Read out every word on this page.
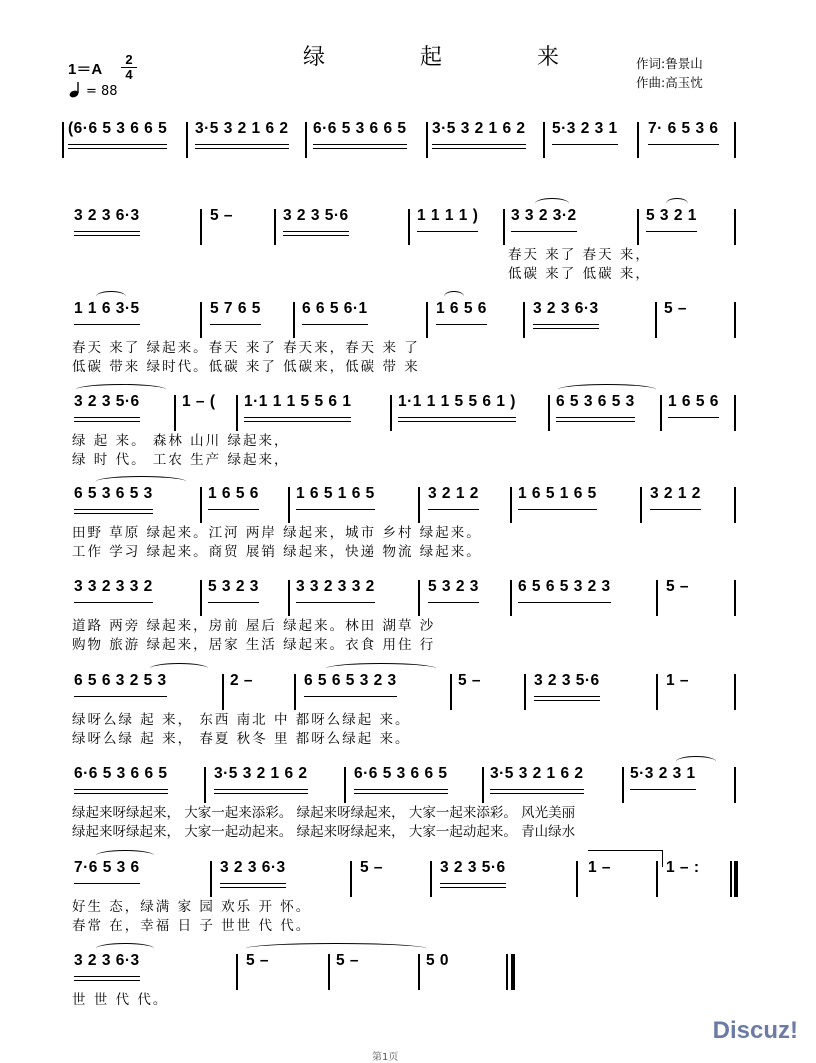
绿 起 来
1＝A
2
4
= 88
作词:鲁景山
作曲:高玉忱
(6·6 5 3 6 6 5 3·5 3 2 1 6 2 6·6 5 3 6 6 5 3·5 3 2 1 6 2 5·3 2 3 1 7· 6 5 3 6
3 2 3 6·3	5 –	3 2 3 5·6	1 1 1 1 ) 3 3 2 3·2	5 3 2 1
春天 来了 春天 来，
低碳 来了 低碳 来，
1 1 6 3·5	5 7 6 5	6 6 5 6·1	1 6 5 6	3 2 3 6·3	5 –
春天 来了 绿起来。春天 来了 春天来，春天 来 了
低碳 带来 绿时代。低碳 来了 低碳来，低碳 带 来
3 2 3 5·6	1 – ( 1·1 1 1 5 5 6 1	1·1 1 1 5 5 6 1 )	6 5 3 6 5 3 1 6 5 6
绿 起 来。 森林 山川 绿起来，
绿 时 代。 工农 生产 绿起来，
6 5 3 6 5 3	1 6 5 6 1 6 5 1 6 5	3 2 1 2	1 6 5 1 6 5	3 2 1 2
田野 草原 绿起来。江河 两岸 绿起来，城市 乡村 绿起来。
工作 学习 绿起来。商贸 展销 绿起来，快递 物流 绿起来。
3 3 2 3 3 2	5 3 2 3 3 3 2 3 3 2	5 3 2 3	6 5 6 5 3 2 3	5 –
道路 两旁 绿起来，房前 屋后 绿起来。林田 湖草 沙
购物 旅游 绿起来，居家 生活 绿起来。衣食 用住 行
6 5 6 3 2 5 3	2 –	6 5 6 5 3 2 3	5 –	3 2 3 5·6	1 –
绿呀么绿 起 来， 东西 南北 中 都呀么绿起 来。
绿呀么绿 起 来， 春夏 秋冬 里 都呀么绿起 来。
6·6 5 3 6 6 5	3·5 3 2 1 6 2	6·6 5 3 6 6 5	3·5 3 2 1 6 2	5·3 2 3 1
绿起来呀绿起来， 大家一起来添彩。 绿起来呀绿起来， 大家一起来添彩。 风光美丽
绿起来呀绿起来， 大家一起动起来。 绿起来呀绿起来， 大家一起动起来。 青山绿水
7·6 5 3 6	3 2 3 6·3	5 –	3 2 3 5·6	1 –	1 – :
好生 态，绿满 家 园 欢乐 开 怀。
春常 在，幸福 日 子 世世 代 代。
3 2 3 6·3	5 –	5 –	5 0
世 世 代 代。
Discuz!
第1页
